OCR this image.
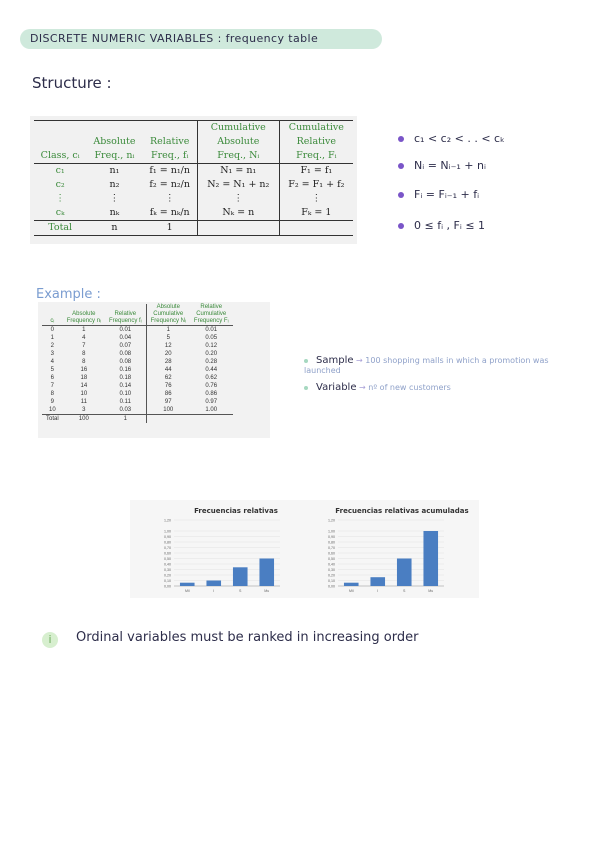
DISCRETE NUMERIC VARIABLES : frequency table
Structure :
			Cumulative	Cumulative
	Absolute	Relative	Absolute	Relative
Class, cᵢ	Freq., nᵢ	Freq., fᵢ	Freq., Nᵢ	Freq., Fᵢ
c₁	n₁	f₁ = n₁/n	N₁ = n₁	F₁ = f₁
c₂	n₂	f₂ = n₂/n	N₂ = N₁ + n₂	F₂ = F₁ + f₂
⋮	⋮	⋮	⋮	⋮
cₖ	nₖ	fₖ = nₖ/n	Nₖ = n	Fₖ = 1
Total	n	1		
c₁ < c₂ < . . < cₖ
Nᵢ = Nᵢ₋₁ + nᵢ
Fᵢ = Fᵢ₋₁ + fᵢ
0 ≤ fᵢ , Fᵢ ≤ 1
Example :
			Absolute	Relative
	Absolute	Relative	Cumulative	Cumulative
cᵢ	Frequency nᵢ	Frequency fᵢ	Frequency Nᵢ	Frequency Fᵢ
0	1	0.01	1	0.01
1	4	0.04	5	0.05
2	7	0.07	12	0.12
3	8	0.08	20	0.20
4	8	0.08	28	0.28
5	16	0.16	44	0.44
6	18	0.18	62	0.62
7	14	0.14	76	0.76
8	10	0.10	86	0.86
9	11	0.11	97	0.97
10	3	0.03	100	1.00
Total	100	1		
Sample → 100 shopping malls in which a promotion was launched
Variable → nº of new customers
Frecuencias relativas	Frecuencias relativas acumuladas
0,00
0,10
0,20
0,30
0,40
0,50
0,60
0,70
0,80
0,90
1,00
1,20
Mil	I	S	Mu
0,00
0,10
0,20
0,30
0,40
0,50
0,60
0,70
0,80
0,90
1,00
1,20
Mil	I	S	Mu
i	Ordinal variables must be ranked in increasing order
